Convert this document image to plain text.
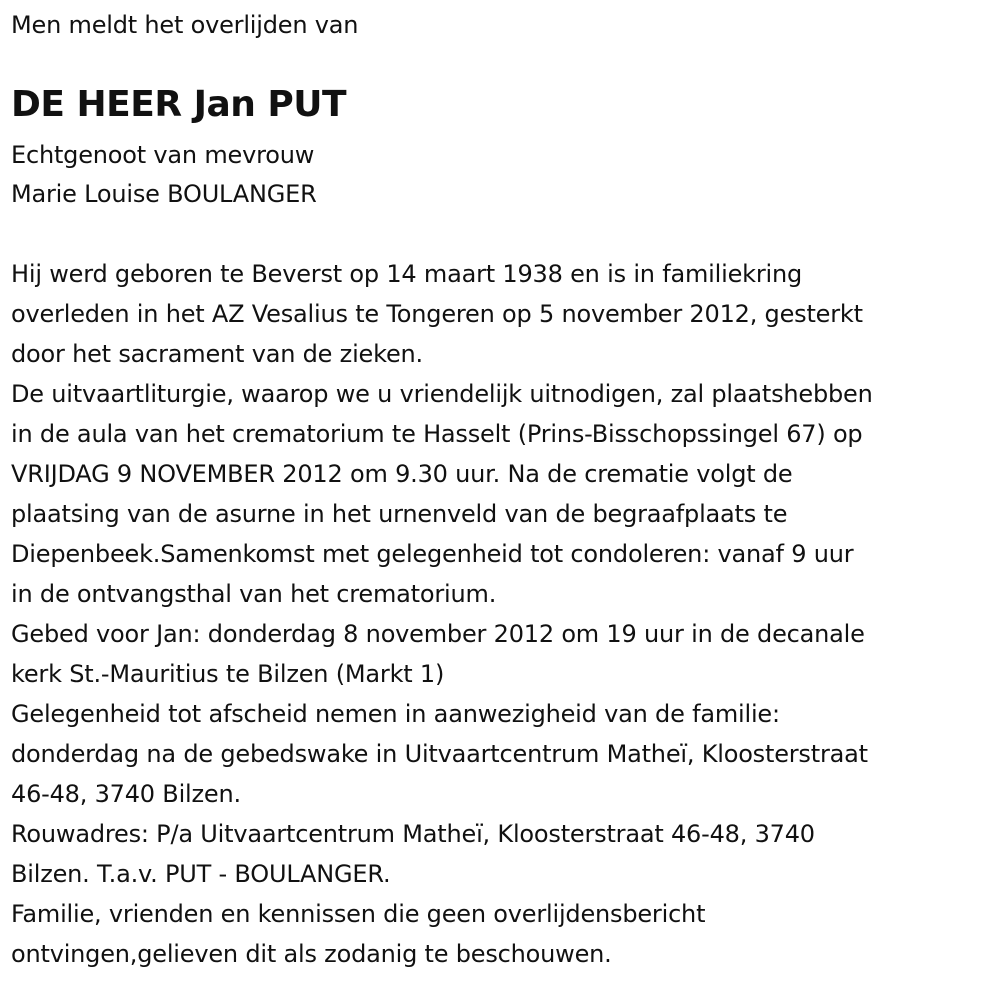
Men meldt het overlijden van
DE HEER Jan PUT
Echtgenoot van mevrouw
Marie Louise BOULANGER
Hij werd geboren te Beverst op 14 maart 1938 en is in familiekring
overleden in het AZ Vesalius te Tongeren op 5 november 2012, gesterkt
door het sacrament van de zieken.
De uitvaartliturgie, waarop we u vriendelijk uitnodigen, zal plaatshebben
in de aula van het crematorium te Hasselt (Prins-Bisschopssingel 67) op
VRIJDAG 9 NOVEMBER 2012 om 9.30 uur. Na de crematie volgt de
plaatsing van de asurne in het urnenveld van de begraafplaats te
Diepenbeek.Samenkomst met gelegenheid tot condoleren: vanaf 9 uur
in de ontvangsthal van het crematorium.
Gebed voor Jan: donderdag 8 november 2012 om 19 uur in de decanale
kerk St.-Mauritius te Bilzen (Markt 1)
Gelegenheid tot afscheid nemen in aanwezigheid van de familie:
donderdag na de gebedswake in Uitvaartcentrum Matheï, Kloosterstraat
46-48, 3740 Bilzen.
Rouwadres: P/a Uitvaartcentrum Matheï, Kloosterstraat 46-48, 3740
Bilzen. T.a.v. PUT - BOULANGER.
Familie, vrienden en kennissen die geen overlijdensbericht
ontvingen,gelieven dit als zodanig te beschouwen.
